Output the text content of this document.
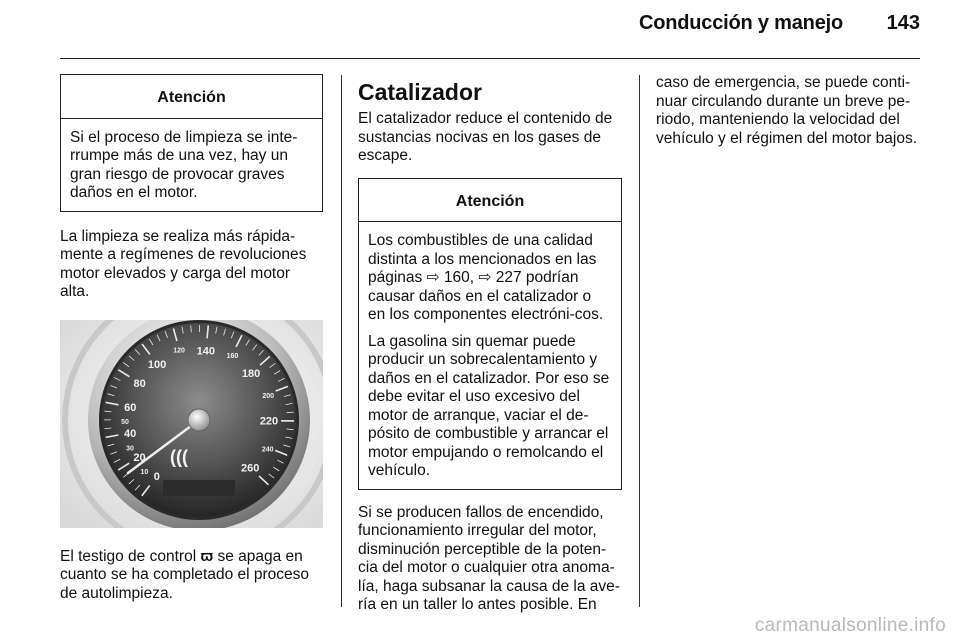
Conducción y manejo 143
Atención

Si el proceso de limpieza se inte-rrumpe más de una vez, hay un gran riesgo de provocar graves daños en el motor.

La limpieza se realiza más rápida-mente a regímenes de revoluciones motor elevados y carga del motor alta.

0
10
20
30
40
50
60
80
100
120 140 160
180
200
220
240
260
(((

El testigo de control ϖ se apaga en cuanto se ha completado el proceso de autolimpieza.

Catalizador

El catalizador reduce el contenido de sustancias nocivas en los gases de escape.

Atención

Los combustibles de una calidad distinta a los mencionados en las páginas ⇨ 160, ⇨ 227 podrían causar daños en el catalizador o en los componentes electróni-cos.

La gasolina sin quemar puede producir un sobrecalentamiento y daños en el catalizador. Por eso se debe evitar el uso excesivo del motor de arranque, vaciar el de-pósito de combustible y arrancar el motor empujando o remolcando el vehículo.

Si se producen fallos de encendido, funcionamiento irregular del motor, disminución perceptible de la poten-cia del motor o cualquier otra anoma-lía, haga subsanar la causa de la ave-ría en un taller lo antes posible. En

caso de emergencia, se puede conti-nuar circulando durante un breve pe-riodo, manteniendo la velocidad del vehículo y el régimen del motor bajos.

carmanualsonline.info
